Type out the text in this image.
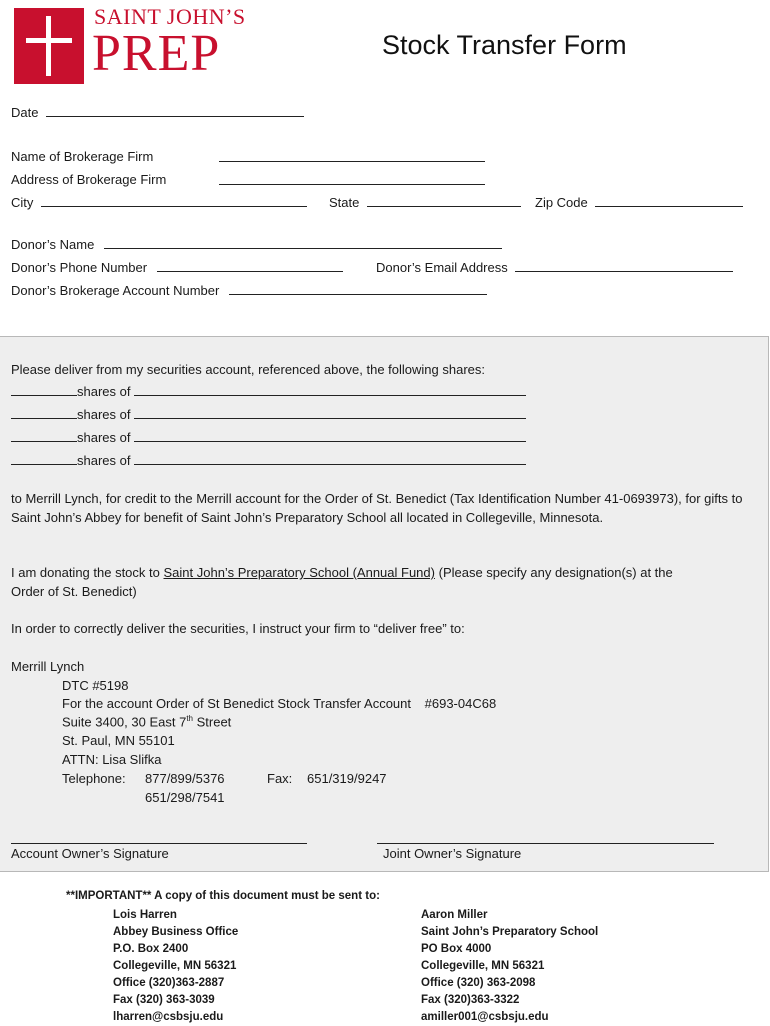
SAINT JOHN’S
PREP	Stock Transfer Form
Date
Name of Brokerage Firm
Address of Brokerage Firm
City	State	Zip Code
Donor’s Name
Donor’s Phone Number	Donor’s Email Address
Donor’s Brokerage Account Number
Please deliver from my securities account, referenced above, the following shares:
shares of
shares of
shares of
shares of
to Merrill Lynch, for credit to the Merrill account for the Order of St. Benedict (Tax Identification Number 41-0693973), for gifts to Saint John’s Abbey for benefit of Saint John’s Preparatory School all located in Collegeville, Minnesota.
I am donating the stock to Saint John’s Preparatory School (Annual Fund) (Please specify any designation(s) at the
Order of St. Benedict)
In order to correctly deliver the securities, I instruct your firm to “deliver free” to:
Merrill Lynch
DTC #5198
For the account Order of St Benedict Stock Transfer Account #693-04C68
Suite 3400, 30 East 7th Street
St. Paul, MN 55101
ATTN: Lisa Slifka
Telephone: 877/899/5376	Fax: 651/319/9247
651/298/7541
Account Owner’s Signature	Joint Owner’s Signature
**IMPORTANT** A copy of this document must be sent to:
Lois Harren
Abbey Business Office
P.O. Box 2400
Collegeville, MN 56321
Office (320)363-2887
Fax (320) 363-3039
lharren@csbsju.edu
Aaron Miller
Saint John’s Preparatory School
PO Box 4000
Collegeville, MN 56321
Office (320) 363-2098
Fax (320)363-3322
amiller001@csbsju.edu
